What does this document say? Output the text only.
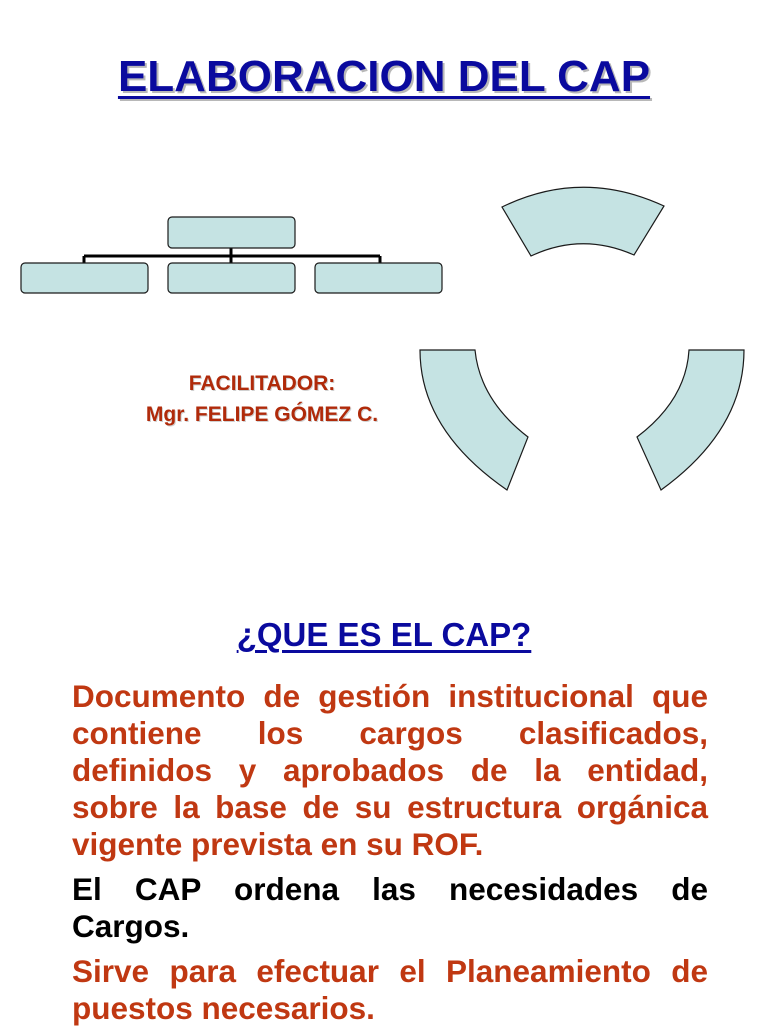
ELABORACION DEL CAP
FACILITADOR:
Mgr. FELIPE GÓMEZ C.
¿QUE ES EL CAP?

Documento de gestión institucional que contiene los cargos clasificados, definidos y aprobados de la entidad, sobre la base de su estructura orgánica vigente prevista en su ROF.

El CAP ordena las necesidades de Cargos.

Sirve para efectuar el Planeamiento de puestos necesarios.
